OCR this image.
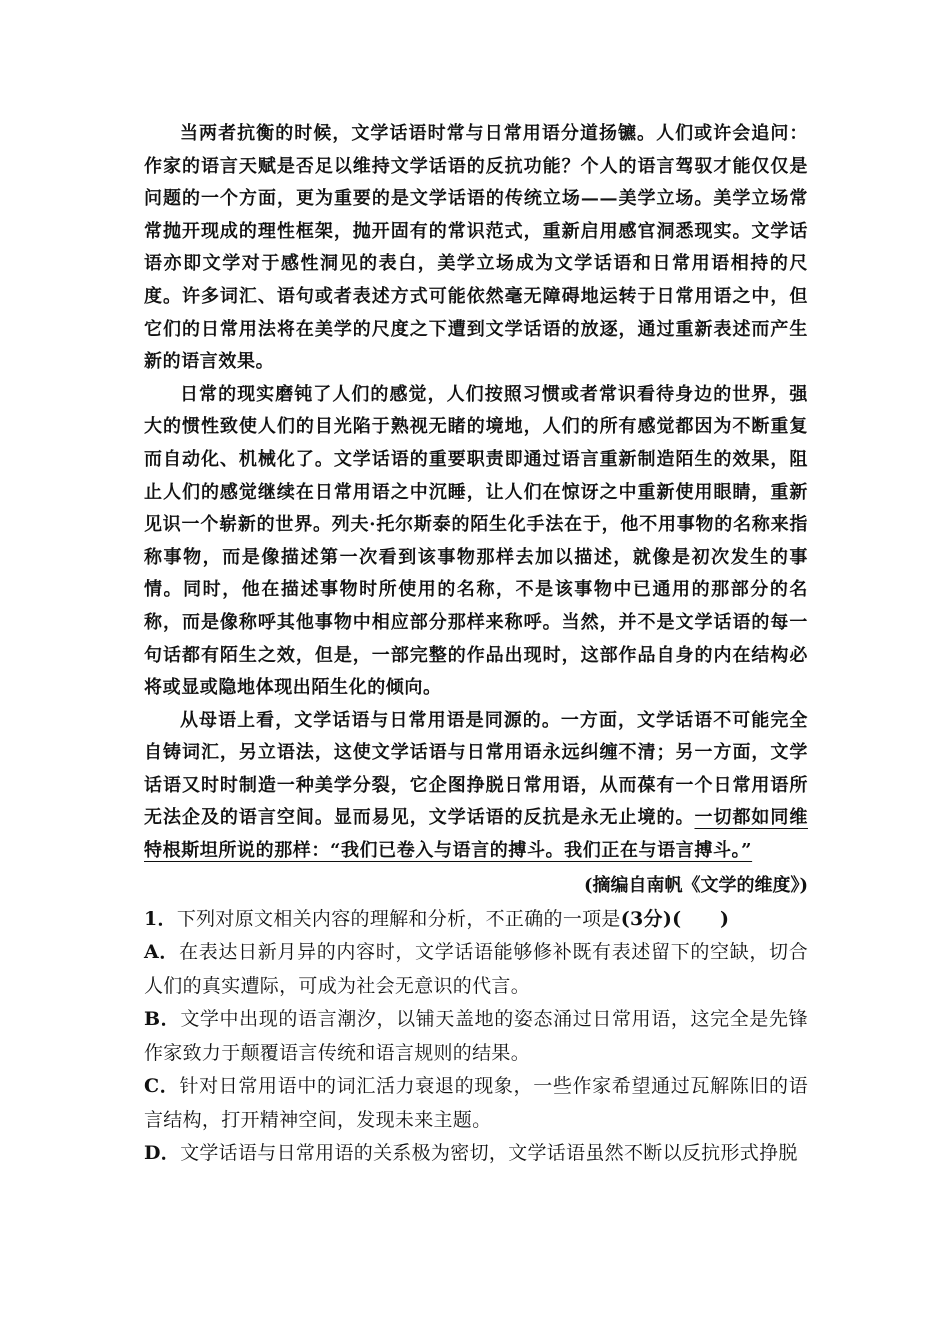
当两者抗衡的时候，文学话语时常与日常用语分道扬镳。人们或许会追问：作家的语言天赋是否足以维持文学话语的反抗功能？个人的语言驾驭才能仅仅是问题的一个方面，更为重要的是文学话语的传统立场——美学立场。美学立场常常抛开现成的理性框架，抛开固有的常识范式，重新启用感官洞悉现实。文学话语亦即文学对于感性洞见的表白，美学立场成为文学话语和日常用语相持的尺度。许多词汇、语句或者表述方式可能依然毫无障碍地运转于日常用语之中，但它们的日常用法将在美学的尺度之下遭到文学话语的放逐，通过重新表述而产生新的语言效果。

日常的现实磨钝了人们的感觉，人们按照习惯或者常识看待身边的世界，强大的惯性致使人们的目光陷于熟视无睹的境地，人们的所有感觉都因为不断重复而自动化、机械化了。文学话语的重要职责即通过语言重新制造陌生的效果，阻止人们的感觉继续在日常用语之中沉睡，让人们在惊讶之中重新使用眼睛，重新见识一个崭新的世界。列夫·托尔斯泰的陌生化手法在于，他不用事物的名称来指称事物，而是像描述第一次看到该事物那样去加以描述，就像是初次发生的事情。同时，他在描述事物时所使用的名称，不是该事物中已通用的那部分的名称，而是像称呼其他事物中相应部分那样来称呼。当然，并不是文学话语的每一句话都有陌生之效，但是，一部完整的作品出现时，这部作品自身的内在结构必将或显或隐地体现出陌生化的倾向。

从母语上看，文学话语与日常用语是同源的。一方面，文学话语不可能完全自铸词汇，另立语法，这使文学话语与日常用语永远纠缠不清；另一方面，文学话语又时时制造一种美学分裂，它企图挣脱日常用语，从而葆有一个日常用语所无法企及的语言空间。显而易见，文学话语的反抗是永无止境的。一切都如同维特根斯坦所说的那样：“我们已卷入与语言的搏斗。我们正在与语言搏斗。”

(摘编自南帆《文学的维度》)

1．下列对原文相关内容的理解和分析，不正确的一项是(3分)(　　)

A．在表达日新月异的内容时，文学话语能够修补既有表述留下的空缺，切合人们的真实遭际，可成为社会无意识的代言。

B．文学中出现的语言潮汐，以铺天盖地的姿态涌过日常用语，这完全是先锋作家致力于颠覆语言传统和语言规则的结果。

C．针对日常用语中的词汇活力衰退的现象，一些作家希望通过瓦解陈旧的语言结构，打开精神空间，发现未来主题。

D．文学话语与日常用语的关系极为密切，文学话语虽然不断以反抗形式挣脱
